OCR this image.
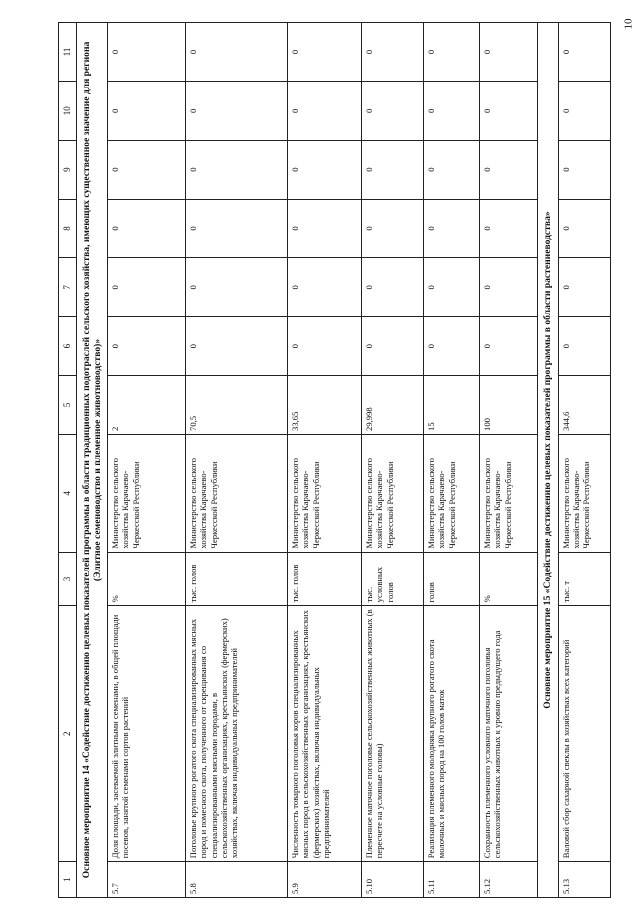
10
1	2	3	4	5	6	7	8	9	10	11
Основное мероприятие 14 «Содействие достижению целевых показателей программы в области традиционных подотраслей сельского хозяйства, имеющих существенное значение для региона (Элитное семеноводство и племенное животноводство)»										
5.7	Доля площади, засеваемой элитными семенами, в общей площади посевов, занятой семенами сортов растений	%	Министерство сельского хозяйства Карачаево-Черкесской Республики	2	0	0	0	0	0	0
5.8	Поголовье крупного рогатого скота специализированных мясных пород и помесного скота, полученного от скрещивания со специализированными мясными породами, в сельскохозяйственных организациях, крестьянских (фермерских) хозяйствах, включая индивидуальных предпринимателей	тыс. голов	Министерство сельского хозяйства Карачаево-Черкесской Республики	70,5	0	0	0	0	0	0
5.9	Численность товарного поголовья коров специализированных мясных пород в сельскохозяйственных организациях, крестьянских (фермерских) хозяйствах, включая индивидуальных предпринимателей	тыс. голов	Министерство сельского хозяйства Карачаево-Черкесской Республики	33,65	0	0	0	0	0	0
5.10	Племенное маточное поголовье сельскохозяйственных животных (в пересчете на условные головы)	тыс. условных голов	Министерство сельского хозяйства Карачаево-Черкесской Республики	29,998	0	0	0	0	0	0
5.11	Реализация племенного молодняка крупного рогатого скота молочных и мясных пород на 100 голов маток	голов	Министерство сельского хозяйства Карачаево-Черкесской Республики	15	0	0	0	0	0	0
5.12	Сохранность племенного условного маточного поголовья сельскохозяйственных животных к уровню предыдущего года	%	Министерство сельского хозяйства Карачаево-Черкесской Республики	100	0	0	0	0	0	0
Основное мероприятие 15 «Содействие достижению целевых показателей программы в области растениеводства»										
5.13	Валовой сбор сахарной свеклы в хозяйствах всех категорий	тыс. т	Министерство сельского хозяйства Карачаево-Черкесской Республики	344,6	0	0	0	0	0	0
